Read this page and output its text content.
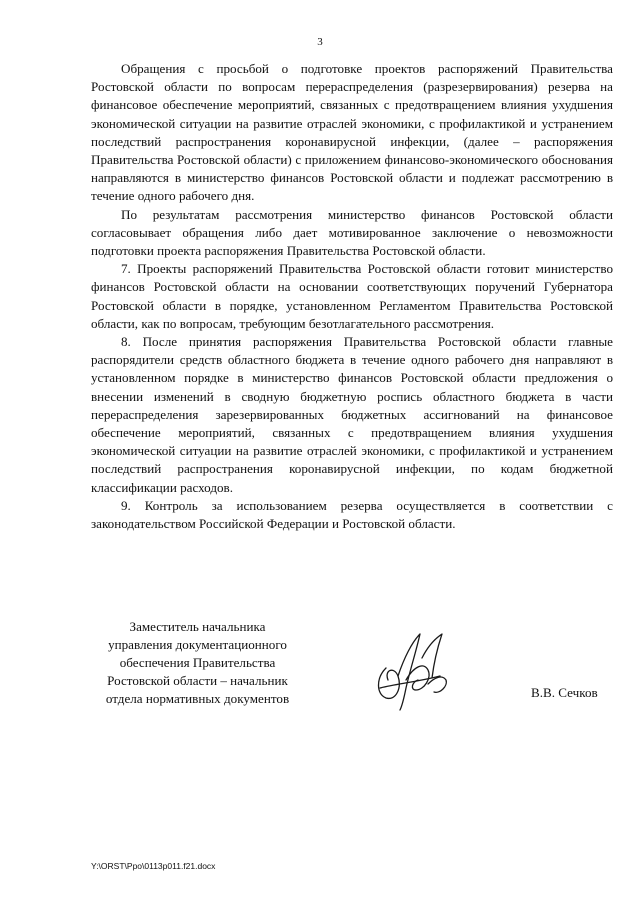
3

Обращения с просьбой о подготовке проектов распоряжений Правительства Ростовской области по вопросам перераспределения (разрезервирования) резерва на финансовое обеспечение мероприятий, связанных с предотвращением влияния ухудшения экономической ситуации на развитие отраслей экономики, с профилактикой и устранением последствий распространения коронавирусной инфекции, (далее – распоряжения Правительства Ростовской области) с приложением финансово-экономического обоснования направляются в министерство финансов Ростовской области и подлежат рассмотрению в течение одного рабочего дня.

По результатам рассмотрения министерство финансов Ростовской области согласовывает обращения либо дает мотивированное заключение о невозможности подготовки проекта распоряжения Правительства Ростовской области.

7. Проекты распоряжений Правительства Ростовской области готовит министерство финансов Ростовской области на основании соответствующих поручений Губернатора Ростовской области в порядке, установленном Регламентом Правительства Ростовской области, как по вопросам, требующим безотлагательного рассмотрения.

8. После принятия распоряжения Правительства Ростовской области главные распорядители средств областного бюджета в течение одного рабочего дня направляют в установленном порядке в министерство финансов Ростовской области предложения о внесении изменений в сводную бюджетную роспись областного бюджета в части перераспределения зарезервированных бюджетных ассигнований на финансовое обеспечение мероприятий, связанных с предотвращением влияния ухудшения экономической ситуации на развитие отраслей экономики, с профилактикой и устранением последствий распространения коронавирусной инфекции, по кодам бюджетной классификации расходов.

9. Контроль за использованием резерва осуществляется в соответствии с законодательством Российской Федерации и Ростовской области.

Заместитель начальника
управления документационного
обеспечения Правительства
Ростовской области – начальник
отдела нормативных документов	В.В. Сечков
Y:\ORST\Ppo\0113p011.f21.docx
